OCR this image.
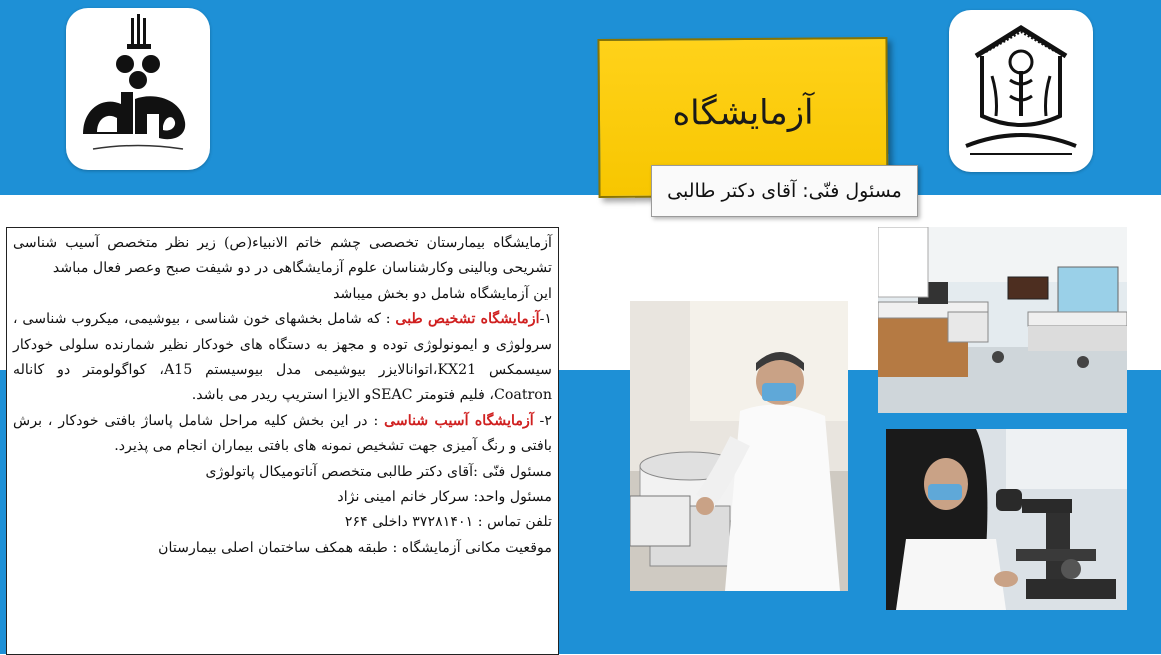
آزمایشگاه
مسئول فنّی: آقای دکتر طالبی

آزمایشگاه بیمارستان تخصصی چشم خاتم الانبیاء(ص) زیر نظر متخصص آسیب شناسی تشریحی وبالینی وکارشناسان علوم آزمایشگاهی در دو شیفت صبح وعصر فعال مباشد

این آزمایشگاه شامل دو بخش میباشد

۱-آزمایشگاه تشخیص طبی : که شامل بخشهای خون شناسی ، بیوشیمی، میکروب شناسی ، سرولوژی و ایمونولوژی توده و مجهز به دستگاه های خودکار نظیر شمارنده سلولی خودکار سیسمکس KX21،اتوانالایزر بیوشیمی مدل بیوسیستم A15، کواگولومتر دو کاناله Coatron، فلیم فتومتر SEACو الایزا استریپ ریدر می باشد.

۲- آزمایشگاه آسیب شناسی : در این بخش کلیه مراحل شامل پاساژ بافتی خودکار ، برش بافتی و رنگ آمیزی جهت تشخیص نمونه های بافتی بیماران انجام می پذیرد.

مسئول فنّی :آقای دکتر طالبی متخصص آناتومیکال پاتولوژی

مسئول واحد: سرکار خانم امینی نژاد

تلفن تماس : ۳۷۲۸۱۴۰۱ داخلی ۲۶۴

موقعیت مکانی آزمایشگاه : طبقه همکف ساختمان اصلی بیمارستان
